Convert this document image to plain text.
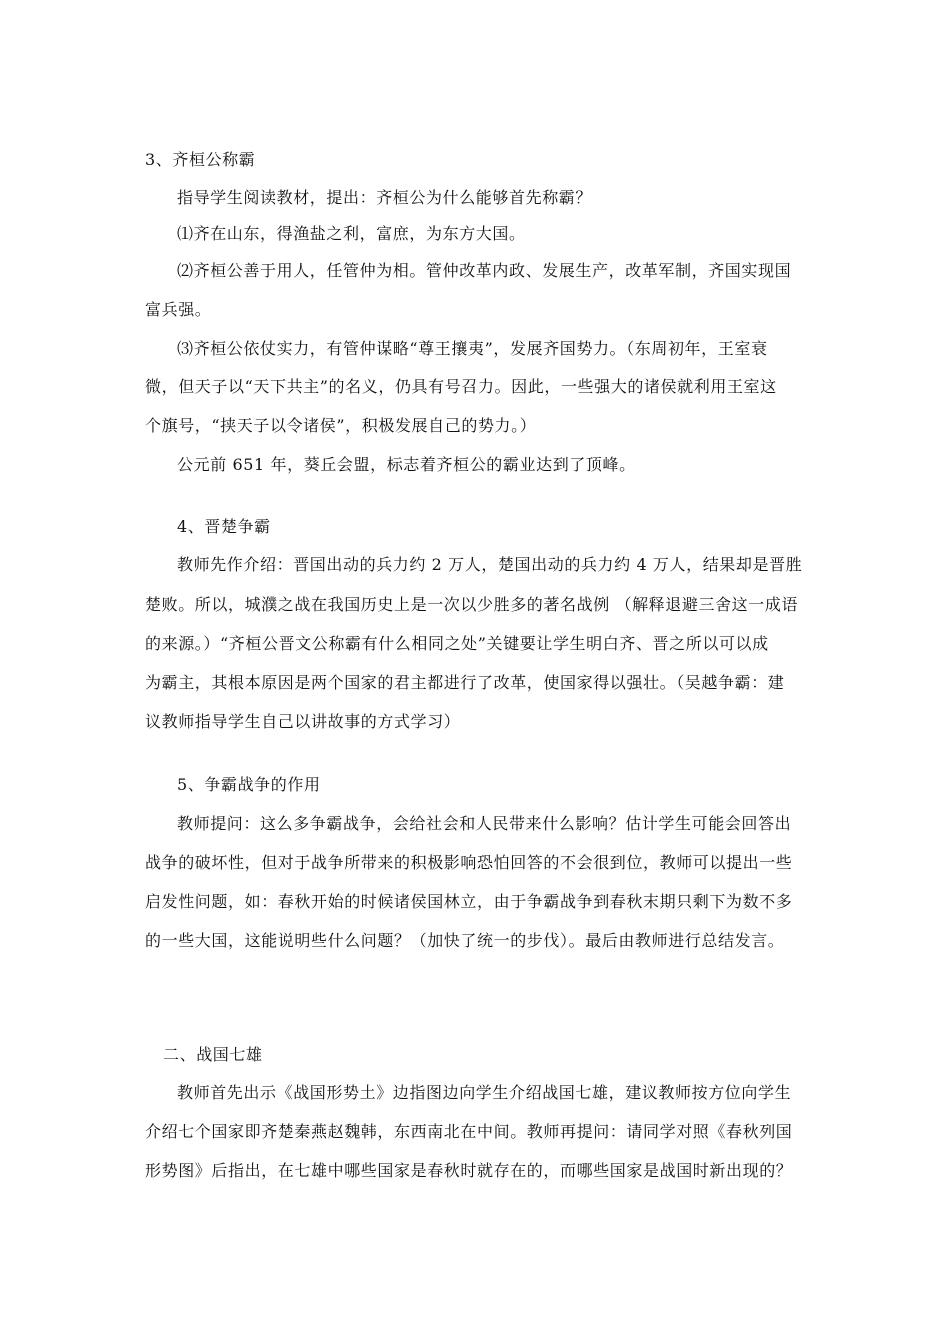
3、齐桓公称霸
指导学生阅读教材，提出：齐桓公为什么能够首先称霸？
⑴齐在山东，得渔盐之利，富庶，为东方大国。
⑵齐桓公善于用人，任管仲为相。管仲改革内政、发展生产，改革军制，齐国实现国
富兵强。
⑶齐桓公依仗实力，有管仲谋略“尊王攘夷”，发展齐国势力。（东周初年，王室衰
微，但天子以“天下共主”的名义，仍具有号召力。因此，一些强大的诸侯就利用王室这
个旗号，“挟天子以令诸侯”，积极发展自己的势力。）
公元前 651 年，葵丘会盟，标志着齐桓公的霸业达到了顶峰。
4、晋楚争霸
教师先作介绍：晋国出动的兵力约 2 万人，楚国出动的兵力约 4 万人，结果却是晋胜
楚败。所以，城濮之战在我国历史上是一次以少胜多的著名战例 （解释退避三舍这一成语
的来源。）“齐桓公晋文公称霸有什么相同之处”关键要让学生明白齐、晋之所以可以成
为霸主，其根本原因是两个国家的君主都进行了改革，使国家得以强壮。（吴越争霸：建
议教师指导学生自己以讲故事的方式学习）
5、争霸战争的作用
教师提问：这么多争霸战争，会给社会和人民带来什么影响？估计学生可能会回答出
战争的破坏性，但对于战争所带来的积极影响恐怕回答的不会很到位，教师可以提出一些
启发性问题，如：春秋开始的时候诸侯国林立，由于争霸战争到春秋末期只剩下为数不多
的一些大国，这能说明些什么问题？（加快了统一的步伐）。最后由教师进行总结发言。
二、战国七雄
教师首先出示《战国形势土》边指图边向学生介绍战国七雄，建议教师按方位向学生
介绍七个国家即齐楚秦燕赵魏韩，东西南北在中间。教师再提问：请同学对照《春秋列国
形势图》后指出，在七雄中哪些国家是春秋时就存在的，而哪些国家是战国时新出现的？
